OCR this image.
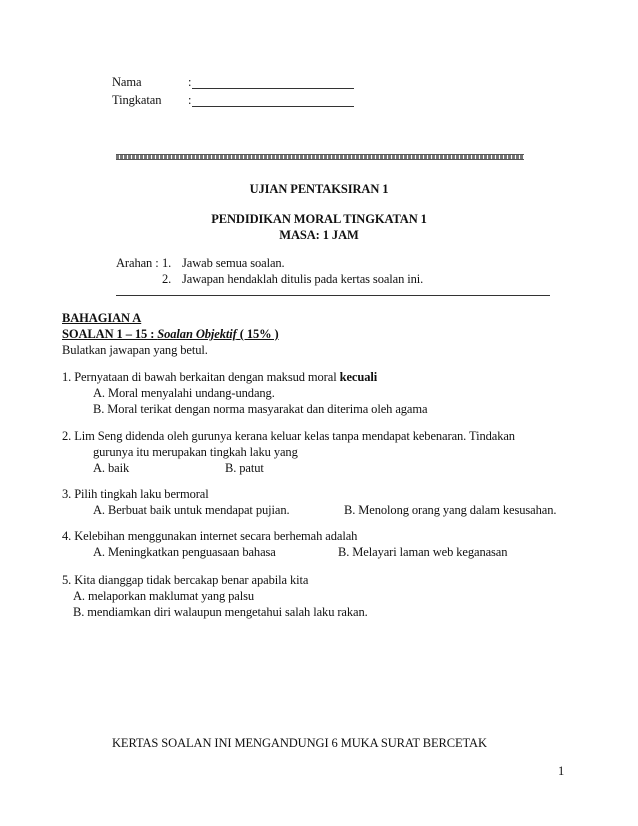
Nama	:
Tingkatan :
UJIAN PENTAKSIRAN 1
PENDIDIKAN MORAL TINGKATAN 1
MASA: 1 JAM
Arahan : 1. Jawab semua soalan.
2. Jawapan hendaklah ditulis pada kertas soalan ini.
BAHAGIAN A
SOALAN 1 – 15 : Soalan Objektif ( 15% )
Bulatkan jawapan yang betul.
1. Pernyataan di bawah berkaitan dengan maksud moral kecuali
A. Moral menyalahi undang-undang.
B. Moral terikat dengan norma masyarakat dan diterima oleh agama
2. Lim Seng didenda oleh gurunya kerana keluar kelas tanpa mendapat kebenaran. Tindakan
gurunya itu merupakan tingkah laku yang
A. baik	B. patut
3. Pilih tingkah laku bermoral
A. Berbuat baik untuk mendapat pujian.	B. Menolong orang yang dalam kesusahan.
4. Kelebihan menggunakan internet secara berhemah adalah
A. Meningkatkan penguasaan bahasa	B. Melayari laman web keganasan
5. Kita dianggap tidak bercakap benar apabila kita
A. melaporkan maklumat yang palsu
B. mendiamkan diri walaupun mengetahui salah laku rakan.
KERTAS SOALAN INI MENGANDUNGI 6 MUKA SURAT BERCETAK
1
